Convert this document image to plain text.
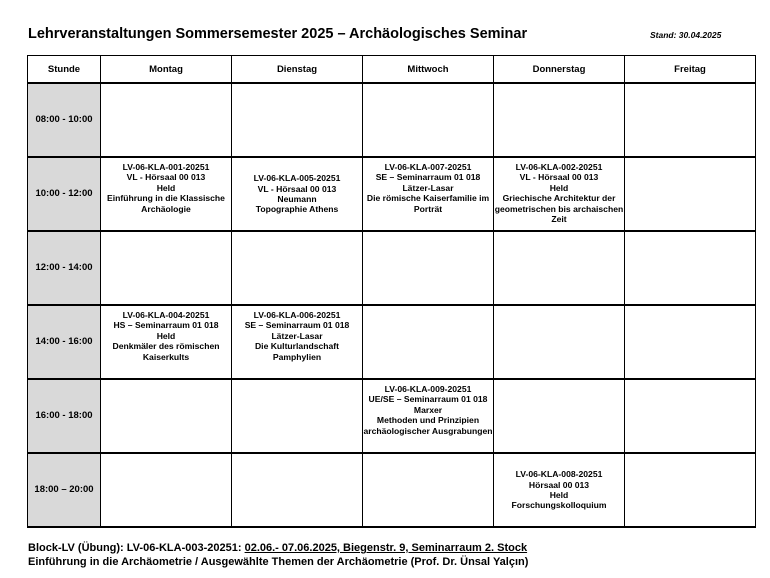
Lehrveranstaltungen Sommersemester 2025 – Archäologisches Seminar	Stand: 30.04.2025
Stunde	Montag	Dienstag	Mittwoch	Donnerstag	Freitag
08:00 - 10:00					
10:00 - 12:00	LV-06-KLA-001-20251
VL - Hörsaal 00 013
Held
Einführung in die Klassische Archäologie	LV-06-KLA-005-20251
VL - Hörsaal 00 013
Neumann
Topographie Athens	LV-06-KLA-007-20251
SE – Seminarraum 01 018
Lätzer-Lasar
Die römische Kaiserfamilie im Porträt	LV-06-KLA-002-20251
VL - Hörsaal 00 013
Held
Griechische Architektur der geometrischen bis archaischen Zeit	

12:00 - 14:00					
14:00 - 16:00	LV-06-KLA-004-20251
HS – Seminarraum 01 018
Held
Denkmäler des römischen Kaiserkults	LV-06-KLA-006-20251
SE – Seminarraum 01 018
Lätzer-Lasar
Die Kulturlandschaft Pamphylien			

16:00 - 18:00			LV-06-KLA-009-20251
UE/SE – Seminarraum 01 018
Marxer
Methoden und Prinzipien archäologischer Ausgrabungen		

18:00 – 20:00				LV-06-KLA-008-20251
Hörsaal 00 013
Held
Forschungskolloquium	

Block-LV (Übung): LV-06-KLA-003-20251: 02.06.- 07.06.2025, Biegenstr. 9, Seminarraum 2. Stock
Einführung in die Archäometrie / Ausgewählte Themen der Archäometrie (Prof. Dr. Ünsal Yalçın)
